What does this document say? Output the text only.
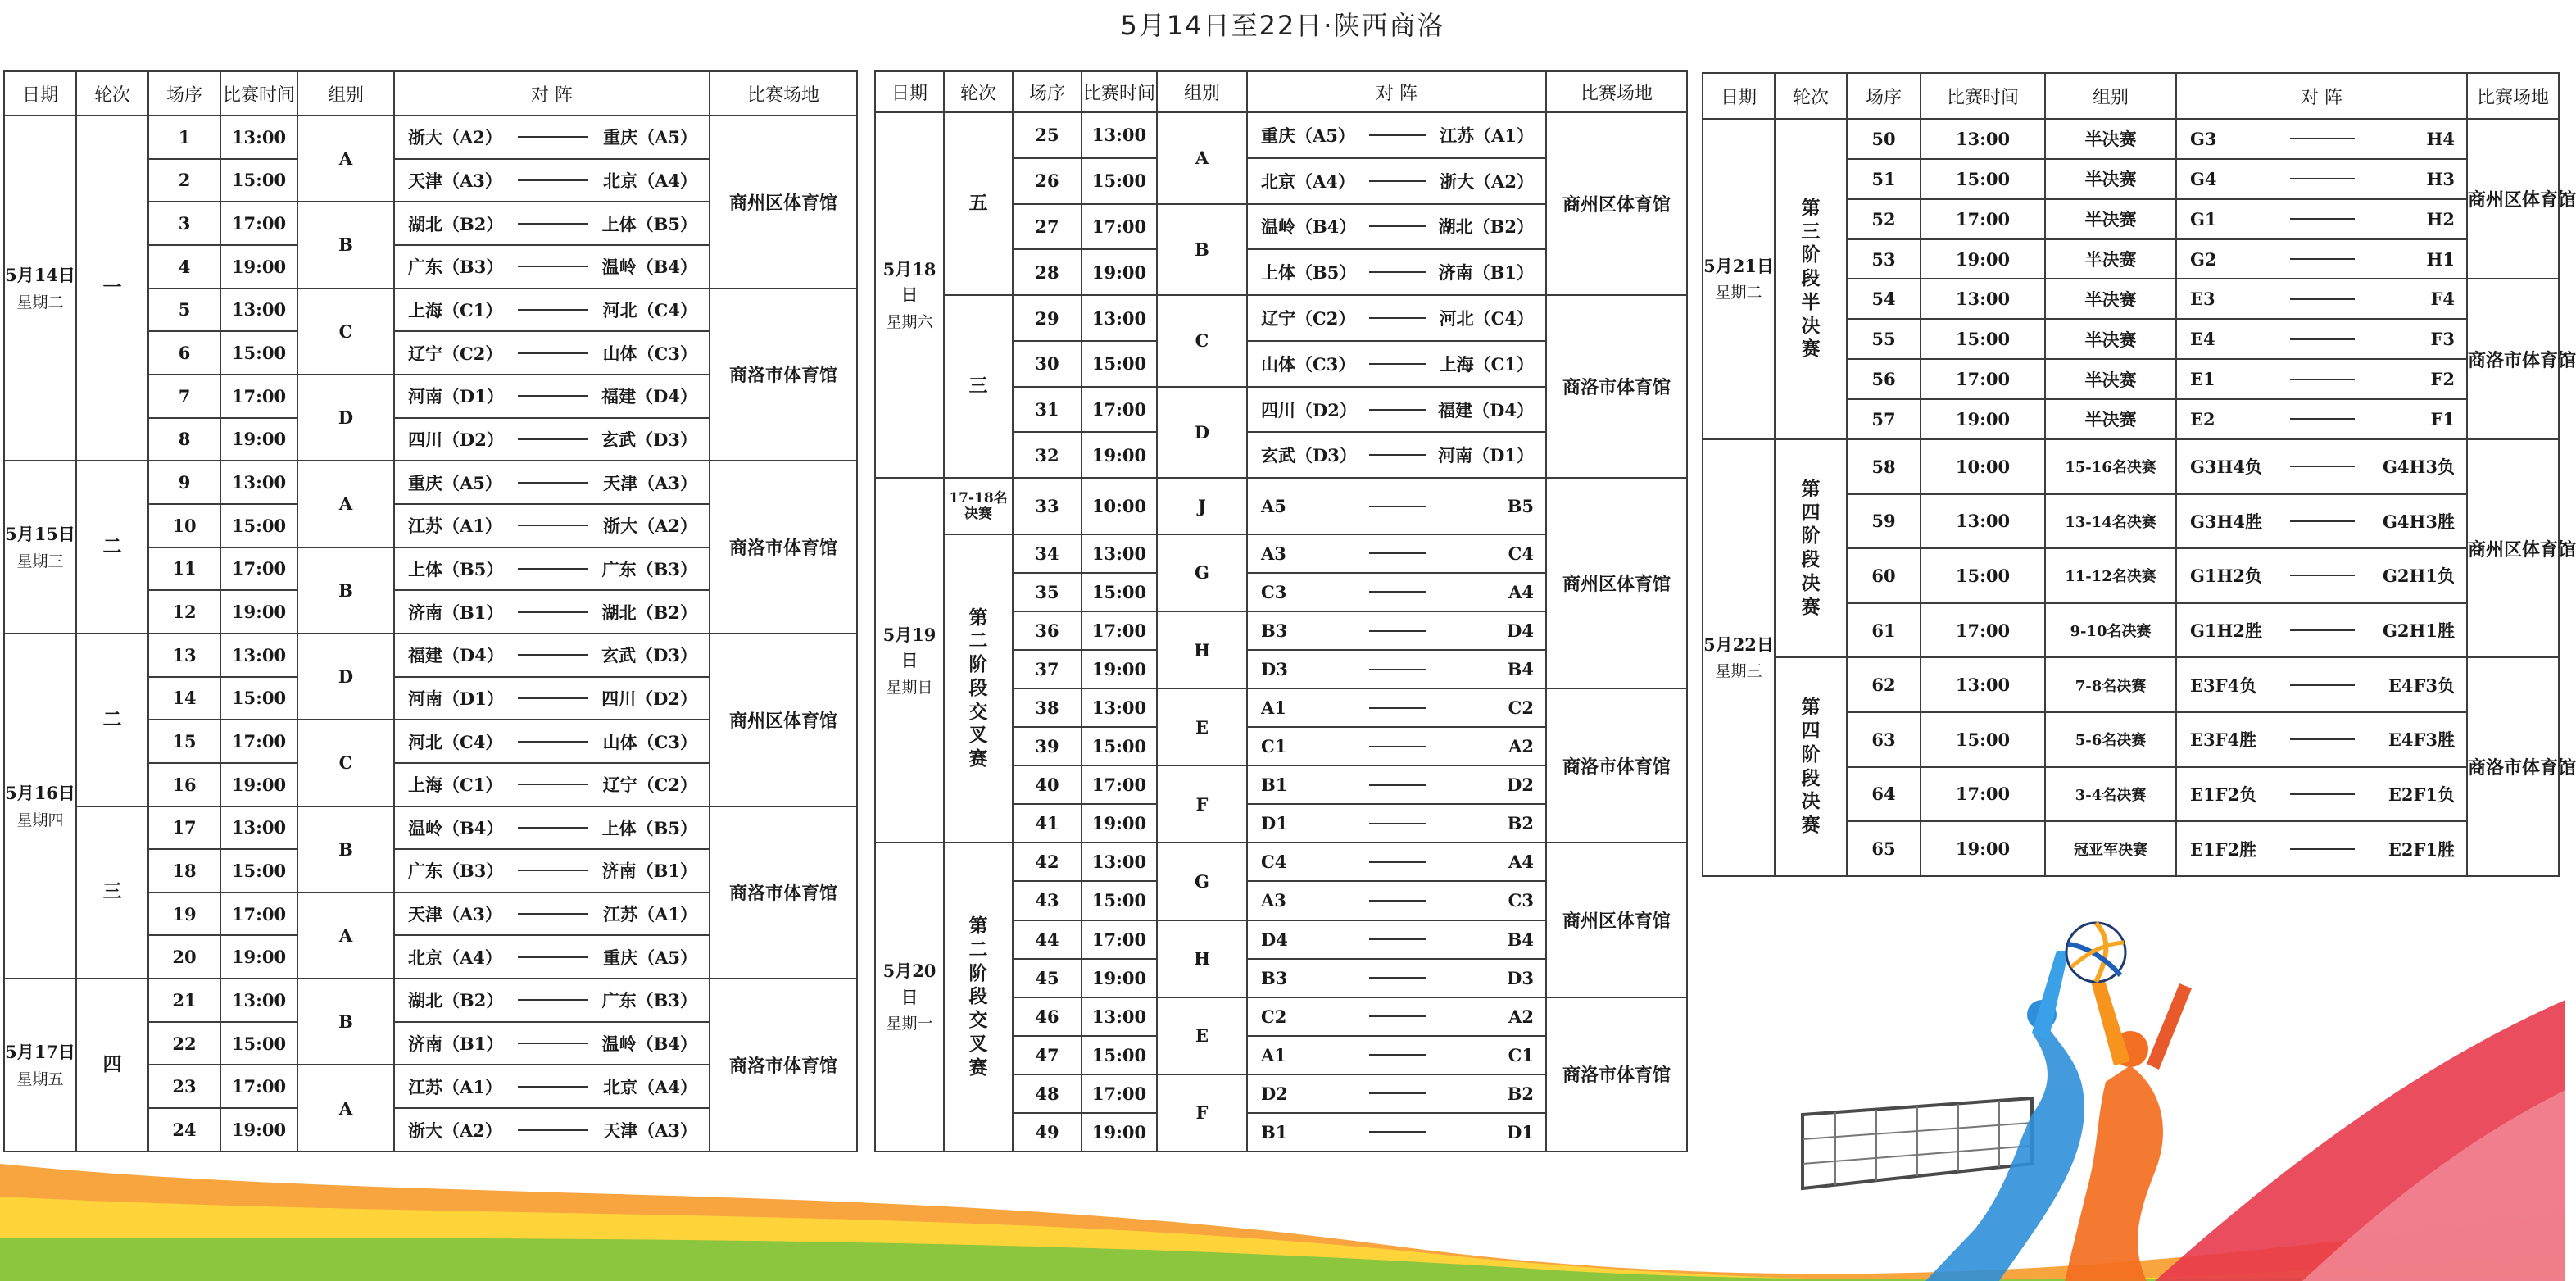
5月14日至22日·陕西商洛
日期	轮次	场序	比赛时间	组别	对 阵	比赛场地
5月14日
星期二	一	1	13:00	A	浙大（A2） 重庆（A5）	商州区体育馆
		2	15:00		天津（A3） 北京（A4）	

		3	17:00	B	湖北（B2） 上体（B5）	

		4	19:00		广东（B3） 温岭（B4）	

		5	13:00	C	上海（C1） 河北（C4）	商洛市体育馆
		6	15:00		辽宁（C2） 山体（C3）	

		7	17:00	D	河南（D1） 福建（D4）	

		8	19:00		四川（D2） 玄武（D3）	

5月15日
星期三	二	9	13:00	A	重庆（A5） 天津（A3）	商洛市体育馆
		10	15:00		江苏（A1） 浙大（A2）	

		11	17:00	B	上体（B5） 广东（B3）	

		12	19:00		济南（B1） 湖北（B2）	

5月16日
星期四	二	13	13:00	D	福建（D4） 玄武（D3）	商州区体育馆
		14	15:00		河南（D1） 四川（D2）	

		15	17:00	C	河北（C4） 山体（C3）	

		16	19:00		上海（C1） 辽宁（C2）	

	三	17	13:00	B	温岭（B4） 上体（B5）	商洛市体育馆
		18	15:00		广东（B3） 济南（B1）	

		19	17:00	A	天津（A3） 江苏（A1）	

		20	19:00		北京（A4） 重庆（A5）	

5月17日
星期五	四	21	13:00	B	湖北（B2） 广东（B3）	商洛市体育馆
		22	15:00		济南（B1） 温岭（B4）	

		23	17:00	A	江苏（A1） 北京（A4）	

		24	19:00		浙大（A2） 天津（A3）	
日期	轮次	场序	比赛时间	组别	对 阵	比赛场地
5月18日
星期六	五	25	13:00	A	重庆（A5） 江苏（A1）	商州区体育馆
		26	15:00		北京（A4） 浙大（A2）	

		27	17:00	B	温岭（B4） 湖北（B2）	

		28	19:00		上体（B5） 济南（B1）	

	三	29	13:00	C	辽宁（C2） 河北（C4）	商洛市体育馆
		30	15:00		山体（C3） 上海（C1）	

		31	17:00	D	四川（D2） 福建（D4）	

		32	19:00		玄武（D3） 河南（D1）	

5月19日
星期日	17-18名决赛	33	10:00	J	A5 B5	商州区体育馆

	第二阶段交叉赛	34	13:00	G	A3 C4	

		35	15:00		C3 A4	

		36	17:00	H	B3 D4	

		37	19:00		D3 B4	

		38	13:00	E	A1 C2	商洛市体育馆
		39	15:00		C1 A2	

		40	17:00	F	B1 D2	

		41	19:00		D1 B2	

5月20日
星期一	第二阶段交叉赛	42	13:00	G	C4 A4	商州区体育馆
		43	15:00		A3 C3	

		44	17:00	H	D4 B4	

		45	19:00		B3 D3	

		46	13:00	E	C2 A2	商洛市体育馆
		47	15:00		A1 C1	

		48	17:00	F	D2 B2	

		49	19:00		B1 D1	
日期	轮次	场序	比赛时间	组别	对 阵	比赛场地
5月21日
星期二	第三阶段半决赛	50	13:00	半决赛	G3 H4	商州区体育馆
		51	15:00	半决赛	G4 H3	

		52	17:00	半决赛	G1 H2	

		53	19:00	半决赛	G2 H1	

		54	13:00	半决赛	E3 F4	商洛市体育馆
		55	15:00	半决赛	E4 F3	

		56	17:00	半决赛	E1 F2	

		57	19:00	半决赛	E2 F1	

5月22日
星期三	第四阶段决赛	58	10:00	15-16名决赛	G3H4负 G4H3负	商州区体育馆
		59	13:00	13-14名决赛	G3H4胜 G4H3胜	

		60	15:00	11-12名决赛	G1H2负 G2H1负	

		61	17:00	9-10名决赛	G1H2胜 G2H1胜	

	第四阶段决赛	62	13:00	7-8名决赛	E3F4负 E4F3负	商洛市体育馆
		63	15:00	5-6名决赛	E3F4胜 E4F3胜	

		64	17:00	3-4名决赛	E1F2负 E2F1负	

		65	19:00	冠亚军决赛	E1F2胜 E2F1胜	
